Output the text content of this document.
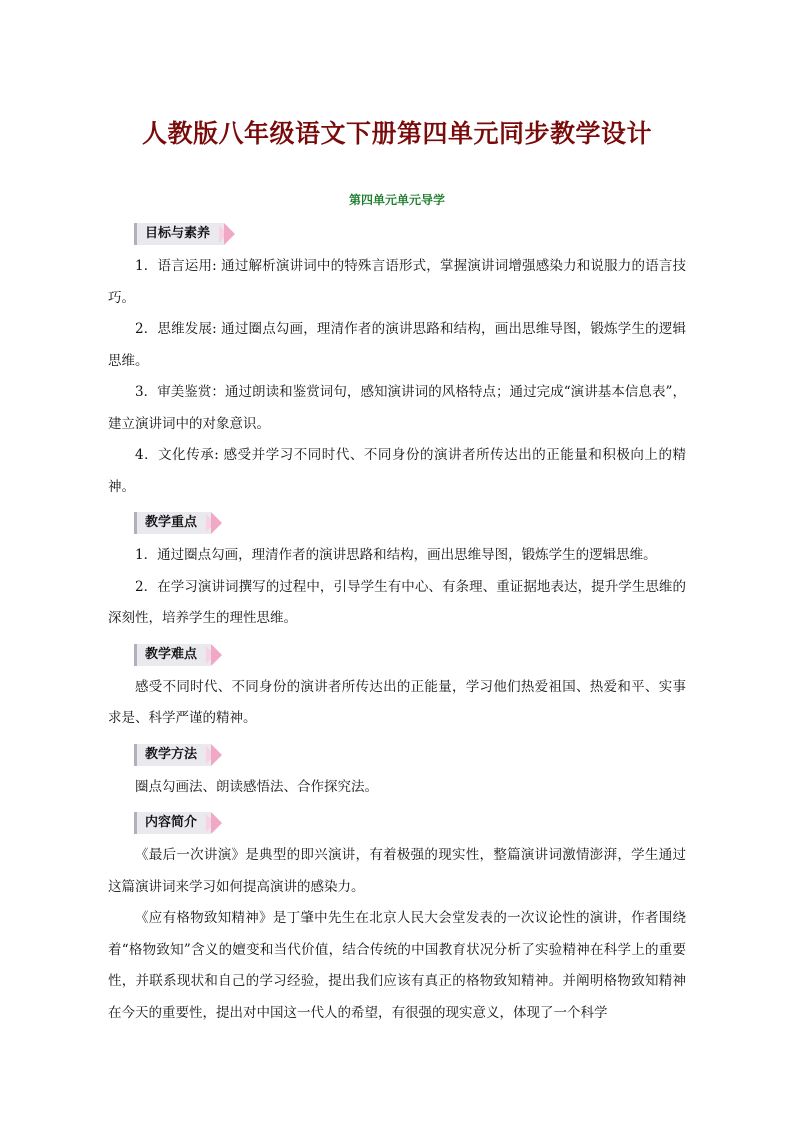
人教版八年级语文下册第四单元同步教学设计
第四单元单元导学
目标与素养

1．语言运用: 通过解析演讲词中的特殊言语形式，掌握演讲词增强感染力和说服力的语言技巧。

2．思维发展: 通过圈点勾画，理清作者的演讲思路和结构，画出思维导图，锻炼学生的逻辑思维。

3．审美鉴赏：通过朗读和鉴赏词句，感知演讲词的风格特点；通过完成“演讲基本信息表”，建立演讲词中的对象意识。

4．文化传承: 感受并学习不同时代、不同身份的演讲者所传达出的正能量和积极向上的精神。

教学重点

1．通过圈点勾画，理清作者的演讲思路和结构，画出思维导图，锻炼学生的逻辑思维。

2．在学习演讲词撰写的过程中，引导学生有中心、有条理、重证据地表达，提升学生思维的深刻性，培养学生的理性思维。

教学难点

感受不同时代、不同身份的演讲者所传达出的正能量，学习他们热爱祖国、热爱和平、实事求是、科学严谨的精神。

教学方法

圈点勾画法、朗读感悟法、合作探究法。

内容简介

《最后一次讲演》是典型的即兴演讲，有着极强的现实性，整篇演讲词激情澎湃，学生通过这篇演讲词来学习如何提高演讲的感染力。

《应有格物致知精神》是丁肇中先生在北京人民大会堂发表的一次议论性的演讲，作者围绕着“格物致知”含义的嬗变和当代价值，结合传统的中国教育状况分析了实验精神在科学上的重要性，并联系现状和自己的学习经验，提出我们应该有真正的格物致知精神。并阐明格物致知精神在今天的重要性，提出对中国这一代人的希望，有很强的现实意义，体现了一个科学
